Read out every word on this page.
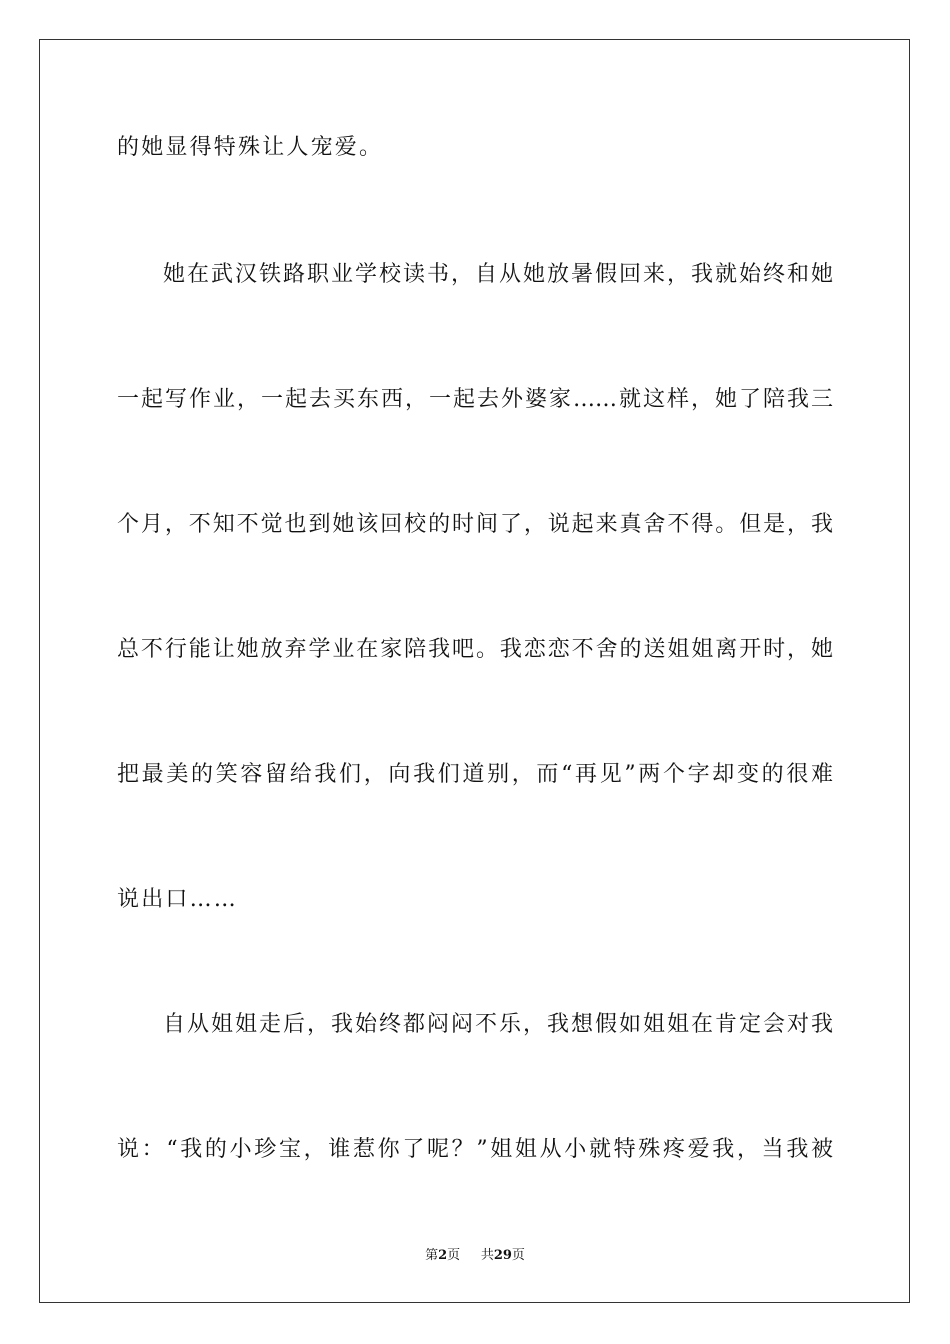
的她显得特殊让人宠爱。
她在武汉铁路职业学校读书，自从她放暑假回来，我就始终和她
一起写作业，一起去买东西，一起去外婆家……就这样，她了陪我三
个月，不知不觉也到她该回校的时间了，说起来真舍不得。但是，我
总不行能让她放弃学业在家陪我吧。我恋恋不舍的送姐姐离开时，她
把最美的笑容留给我们，向我们道别，而“再见”两个字却变的很难
说出口……
自从姐姐走后，我始终都闷闷不乐，我想假如姐姐在肯定会对我
说：“我的小珍宝，谁惹你了呢？”姐姐从小就特殊疼爱我，当我被
第2页 共29页
